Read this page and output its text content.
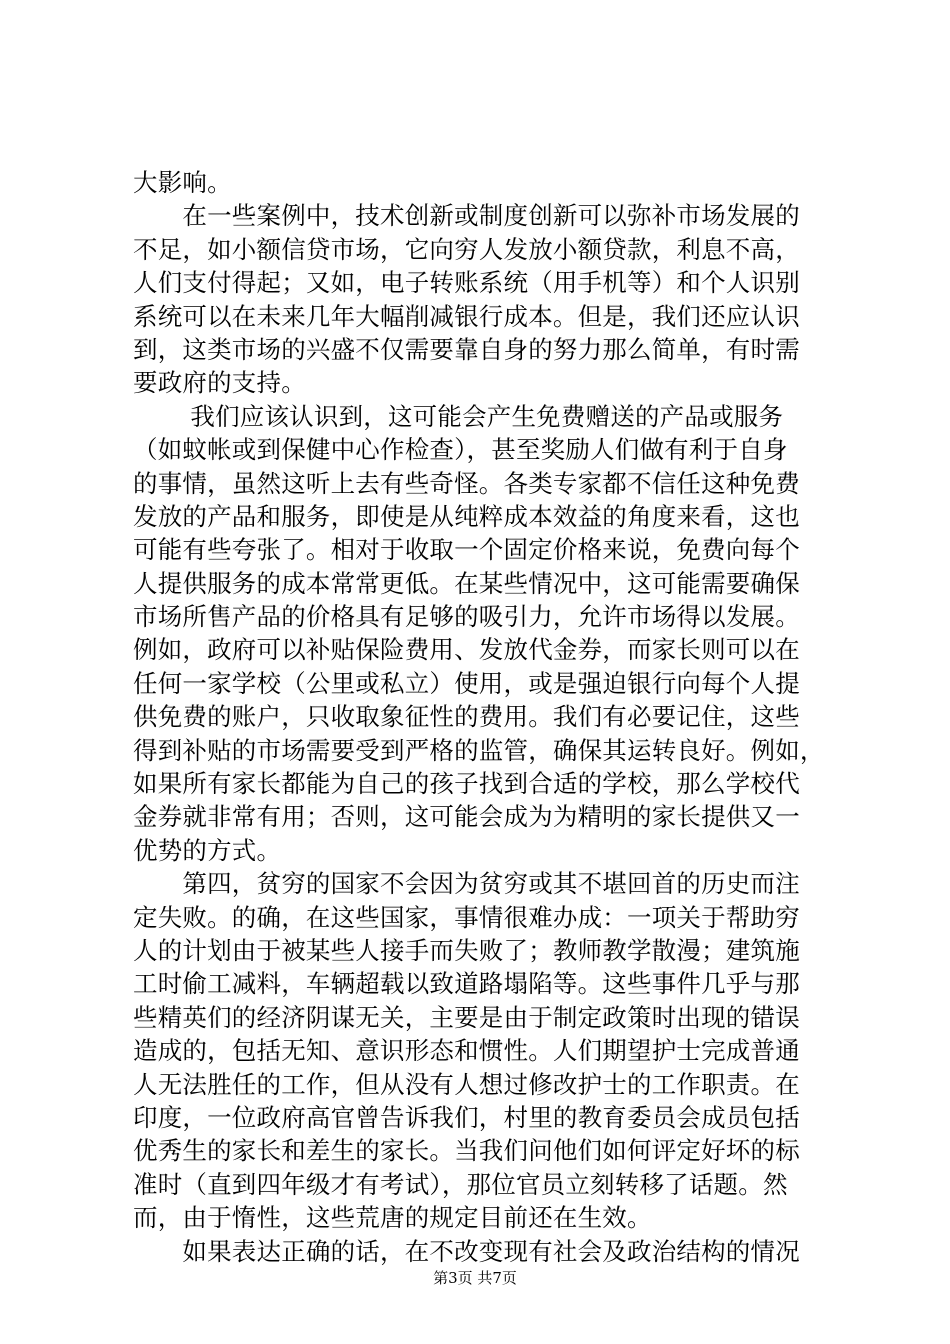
大影响。
　　在一些案例中，技术创新或制度创新可以弥补市场发展的
不足，如小额信贷市场，它向穷人发放小额贷款，利息不高，
人们支付得起；又如，电子转账系统（用手机等）和个人识别
系统可以在未来几年大幅削减银行成本。但是，我们还应认识
到，这类市场的兴盛不仅需要靠自身的努力那么简单，有时需
要政府的支持。
　　 我们应该认识到，这可能会产生免费赠送的产品或服务
（如蚊帐或到保健中心作检查），甚至奖励人们做有利于自身
的事情，虽然这听上去有些奇怪。各类专家都不信任这种免费
发放的产品和服务，即使是从纯粹成本效益的角度来看，这也
可能有些夸张了。相对于收取一个固定价格来说，免费向每个
人提供服务的成本常常更低。在某些情况中，这可能需要确保
市场所售产品的价格具有足够的吸引力，允许市场得以发展。
例如，政府可以补贴保险费用、发放代金券，而家长则可以在
任何一家学校（公里或私立）使用，或是强迫银行向每个人提
供免费的账户，只收取象征性的费用。我们有必要记住，这些
得到补贴的市场需要受到严格的监管，确保其运转良好。例如，
如果所有家长都能为自己的孩子找到合适的学校，那么学校代
金券就非常有用；否则，这可能会成为为精明的家长提供又一
优势的方式。
　　第四，贫穷的国家不会因为贫穷或其不堪回首的历史而注
定失败。的确，在这些国家，事情很难办成：一项关于帮助穷
人的计划由于被某些人接手而失败了；教师教学散漫；建筑施
工时偷工减料，车辆超载以致道路塌陷等。这些事件几乎与那
些精英们的经济阴谋无关，主要是由于制定政策时出现的错误
造成的，包括无知、意识形态和惯性。人们期望护士完成普通
人无法胜任的工作，但从没有人想过修改护士的工作职责。在
印度，一位政府高官曾告诉我们，村里的教育委员会成员包括
优秀生的家长和差生的家长。当我们问他们如何评定好坏的标
准时（直到四年级才有考试），那位官员立刻转移了话题。然
而，由于惰性，这些荒唐的规定目前还在生效。
　　如果表达正确的话，在不改变现有社会及政治结构的情况
第3页 共7页
